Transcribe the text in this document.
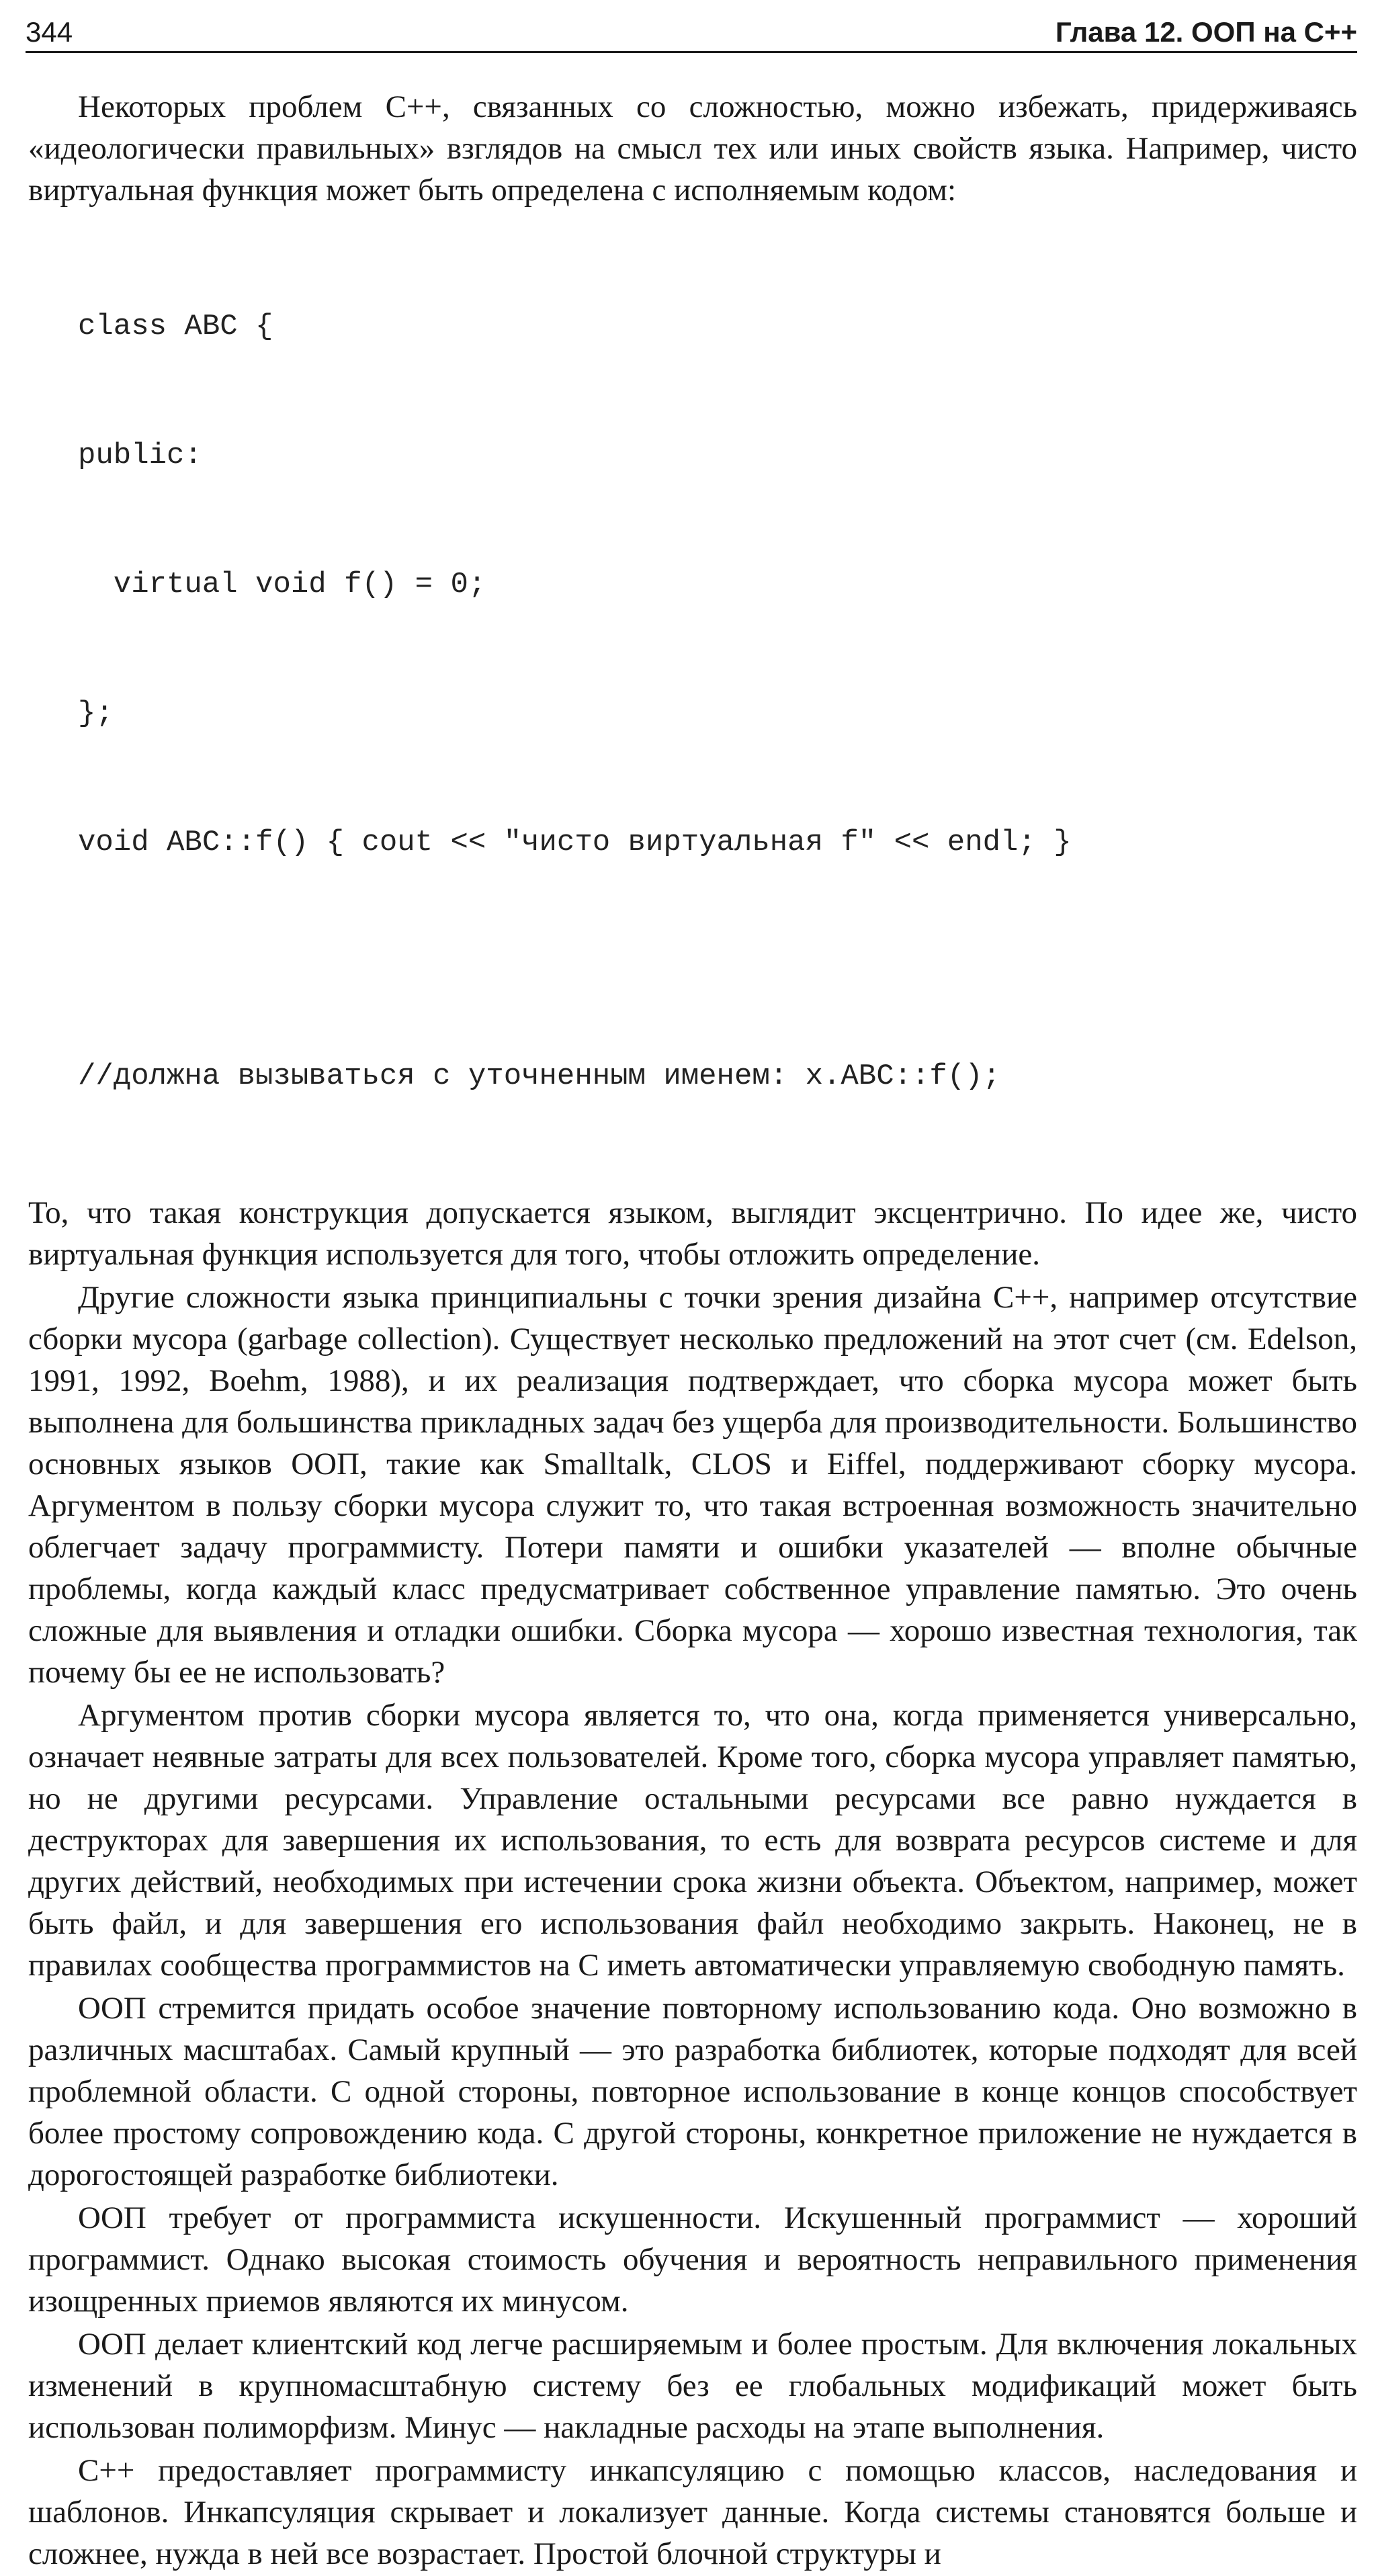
344	Глава 12. ООП на C++

Некоторых проблем С++, связанных со сложностью, можно избежать, придерживаясь «идеологически правильных» взглядов на смысл тех или иных свойств языка. Например, чисто виртуальная функция может быть определена с исполняемым кодом:

class ABC {

public:

virtual void f() = 0;

};

void ABC::f() { cout << "чисто виртуальная f" << endl; }

//должна вызываться с уточненным именем: x.ABC::f();

То, что такая конструкция допускается языком, выглядит эксцентрично. По идее же, чисто виртуальная функция используется для того, чтобы отложить определение.

Другие сложности языка принципиальны с точки зрения дизайна С++, например отсутствие сборки мусора (garbage collection). Существует несколько предложений на этот счет (см. Edelson, 1991, 1992, Boehm, 1988), и их реализация подтверждает, что сборка мусора может быть выполнена для большинства прикладных задач без ущерба для производительности. Большинство основных языков ООП, такие как Smalltalk, CLOS и Eiffel, поддерживают сборку мусора. Аргументом в пользу сборки мусора служит то, что такая встроенная возможность значительно облегчает задачу программисту. Потери памяти и ошибки указателей — вполне обычные проблемы, когда каждый класс предусматривает собственное управление памятью. Это очень сложные для выявления и отладки ошибки. Сборка мусора — хорошо известная технология, так почему бы ее не использовать?

Аргументом против сборки мусора является то, что она, когда применяется универсально, означает неявные затраты для всех пользователей. Кроме того, сборка мусора управляет памятью, но не другими ресурсами. Управление остальными ресурсами все равно нуждается в деструкторах для завершения их использования, то есть для возврата ресурсов системе и для других действий, необходимых при истечении срока жизни объекта. Объектом, например, может быть файл, и для завершения его использования файл необходимо закрыть. Наконец, не в правилах сообщества программистов на С иметь автоматически управляемую свободную память.

ООП стремится придать особое значение повторному использованию кода. Оно возможно в различных масштабах. Самый крупный — это разработка библиотек, которые подходят для всей проблемной области. С одной стороны, повторное использование в конце концов способствует более простому сопровождению кода. С другой стороны, конкретное приложение не нуждается в дорогостоящей разработке библиотеки.

ООП требует от программиста искушенности. Искушенный программист — хороший программист. Однако высокая стоимость обучения и вероятность неправильного применения изощренных приемов являются их минусом.

ООП делает клиентский код легче расширяемым и более простым. Для включения локальных изменений в крупномасштабную систему без ее глобальных модификаций может быть использован полиморфизм. Минус — накладные расходы на этапе выполнения.

С++ предоставляет программисту инкапсуляцию с помощью классов, наследования и шаблонов. Инкапсуляция скрывает и локализует данные. Когда системы становятся больше и сложнее, нужда в ней все возрастает. Простой блочной структуры и
